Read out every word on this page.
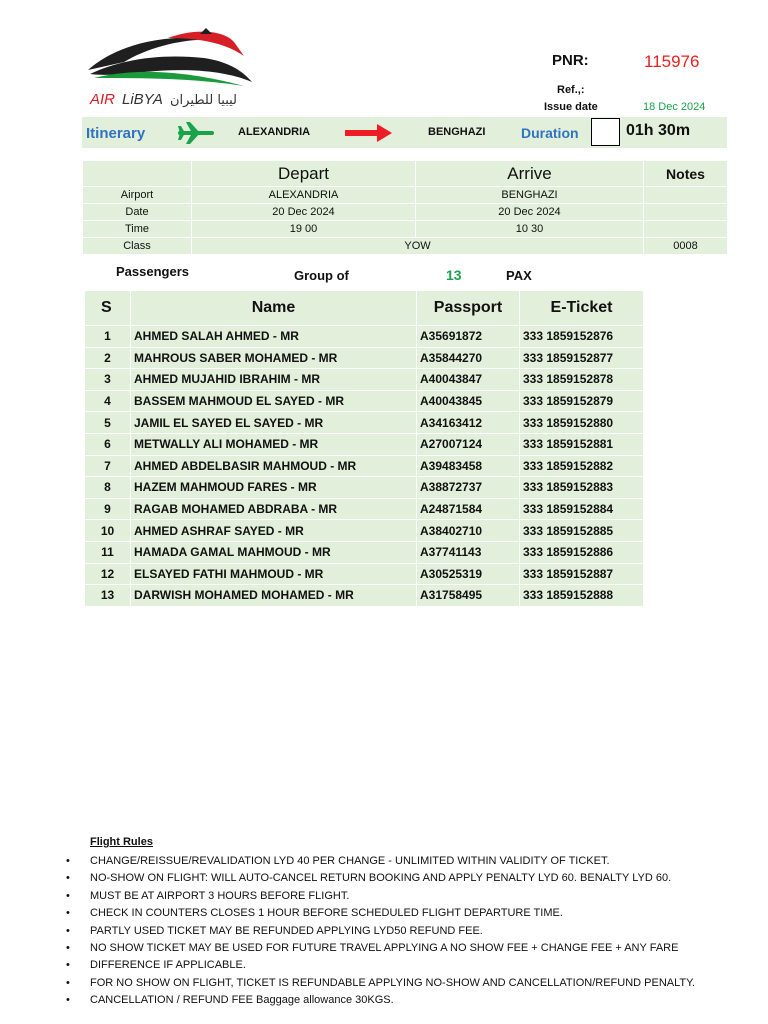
AIR LiBYA ليبيا للطيران
PNR:	115976
Ref.,:
Issue date	18 Dec 2024
Itinerary	ALEXANDRIA	BENGHAZI	Duration	01h 30m
	Depart	Arrive	Notes
Airport	ALEXANDRIA	BENGHAZI	
Date	20 Dec 2024	20 Dec 2024	
Time	19 00	10 30	
Class	YOW		0008
Passengers	Group of	13	PAX
S	Name	Passport	E-Ticket
1	AHMED SALAH AHMED - MR	A35691872	333 1859152876
2	MAHROUS SABER MOHAMED - MR	A35844270	333 1859152877
3	AHMED MUJAHID IBRAHIM - MR	A40043847	333 1859152878
4	BASSEM MAHMOUD EL SAYED - MR	A40043845	333 1859152879
5	JAMIL EL SAYED EL SAYED - MR	A34163412	333 1859152880
6	METWALLY ALI MOHAMED - MR	A27007124	333 1859152881
7	AHMED ABDELBASIR MAHMOUD - MR	A39483458	333 1859152882
8	HAZEM MAHMOUD FARES - MR	A38872737	333 1859152883
9	RAGAB MOHAMED ABDRABA - MR	A24871584	333 1859152884
10	AHMED ASHRAF SAYED - MR	A38402710	333 1859152885
11	HAMADA GAMAL MAHMOUD - MR	A37741143	333 1859152886
12	ELSAYED FATHI MAHMOUD - MR	A30525319	333 1859152887
13	DARWISH MOHAMED MOHAMED - MR	A31758495	333 1859152888
Flight Rules
• CHANGE/REISSUE/REVALIDATION LYD 40 PER CHANGE - UNLIMITED WITHIN VALIDITY OF TICKET.
• NO-SHOW ON FLIGHT: WILL AUTO-CANCEL RETURN BOOKING AND APPLY PENALTY LYD 60. BENALTY LYD 60.
• MUST BE AT AIRPORT 3 HOURS BEFORE FLIGHT.
• CHECK IN COUNTERS CLOSES 1 HOUR BEFORE SCHEDULED FLIGHT DEPARTURE TIME.
• PARTLY USED TICKET MAY BE REFUNDED APPLYING LYD50 REFUND FEE.
• NO SHOW TICKET MAY BE USED FOR FUTURE TRAVEL APPLYING A NO SHOW FEE + CHANGE FEE + ANY FARE
• DIFFERENCE IF APPLICABLE.
• FOR NO SHOW ON FLIGHT, TICKET IS REFUNDABLE APPLYING NO-SHOW AND CANCELLATION/REFUND PENALTY.
• CANCELLATION / REFUND FEE Baggage allowance 30KGS.
